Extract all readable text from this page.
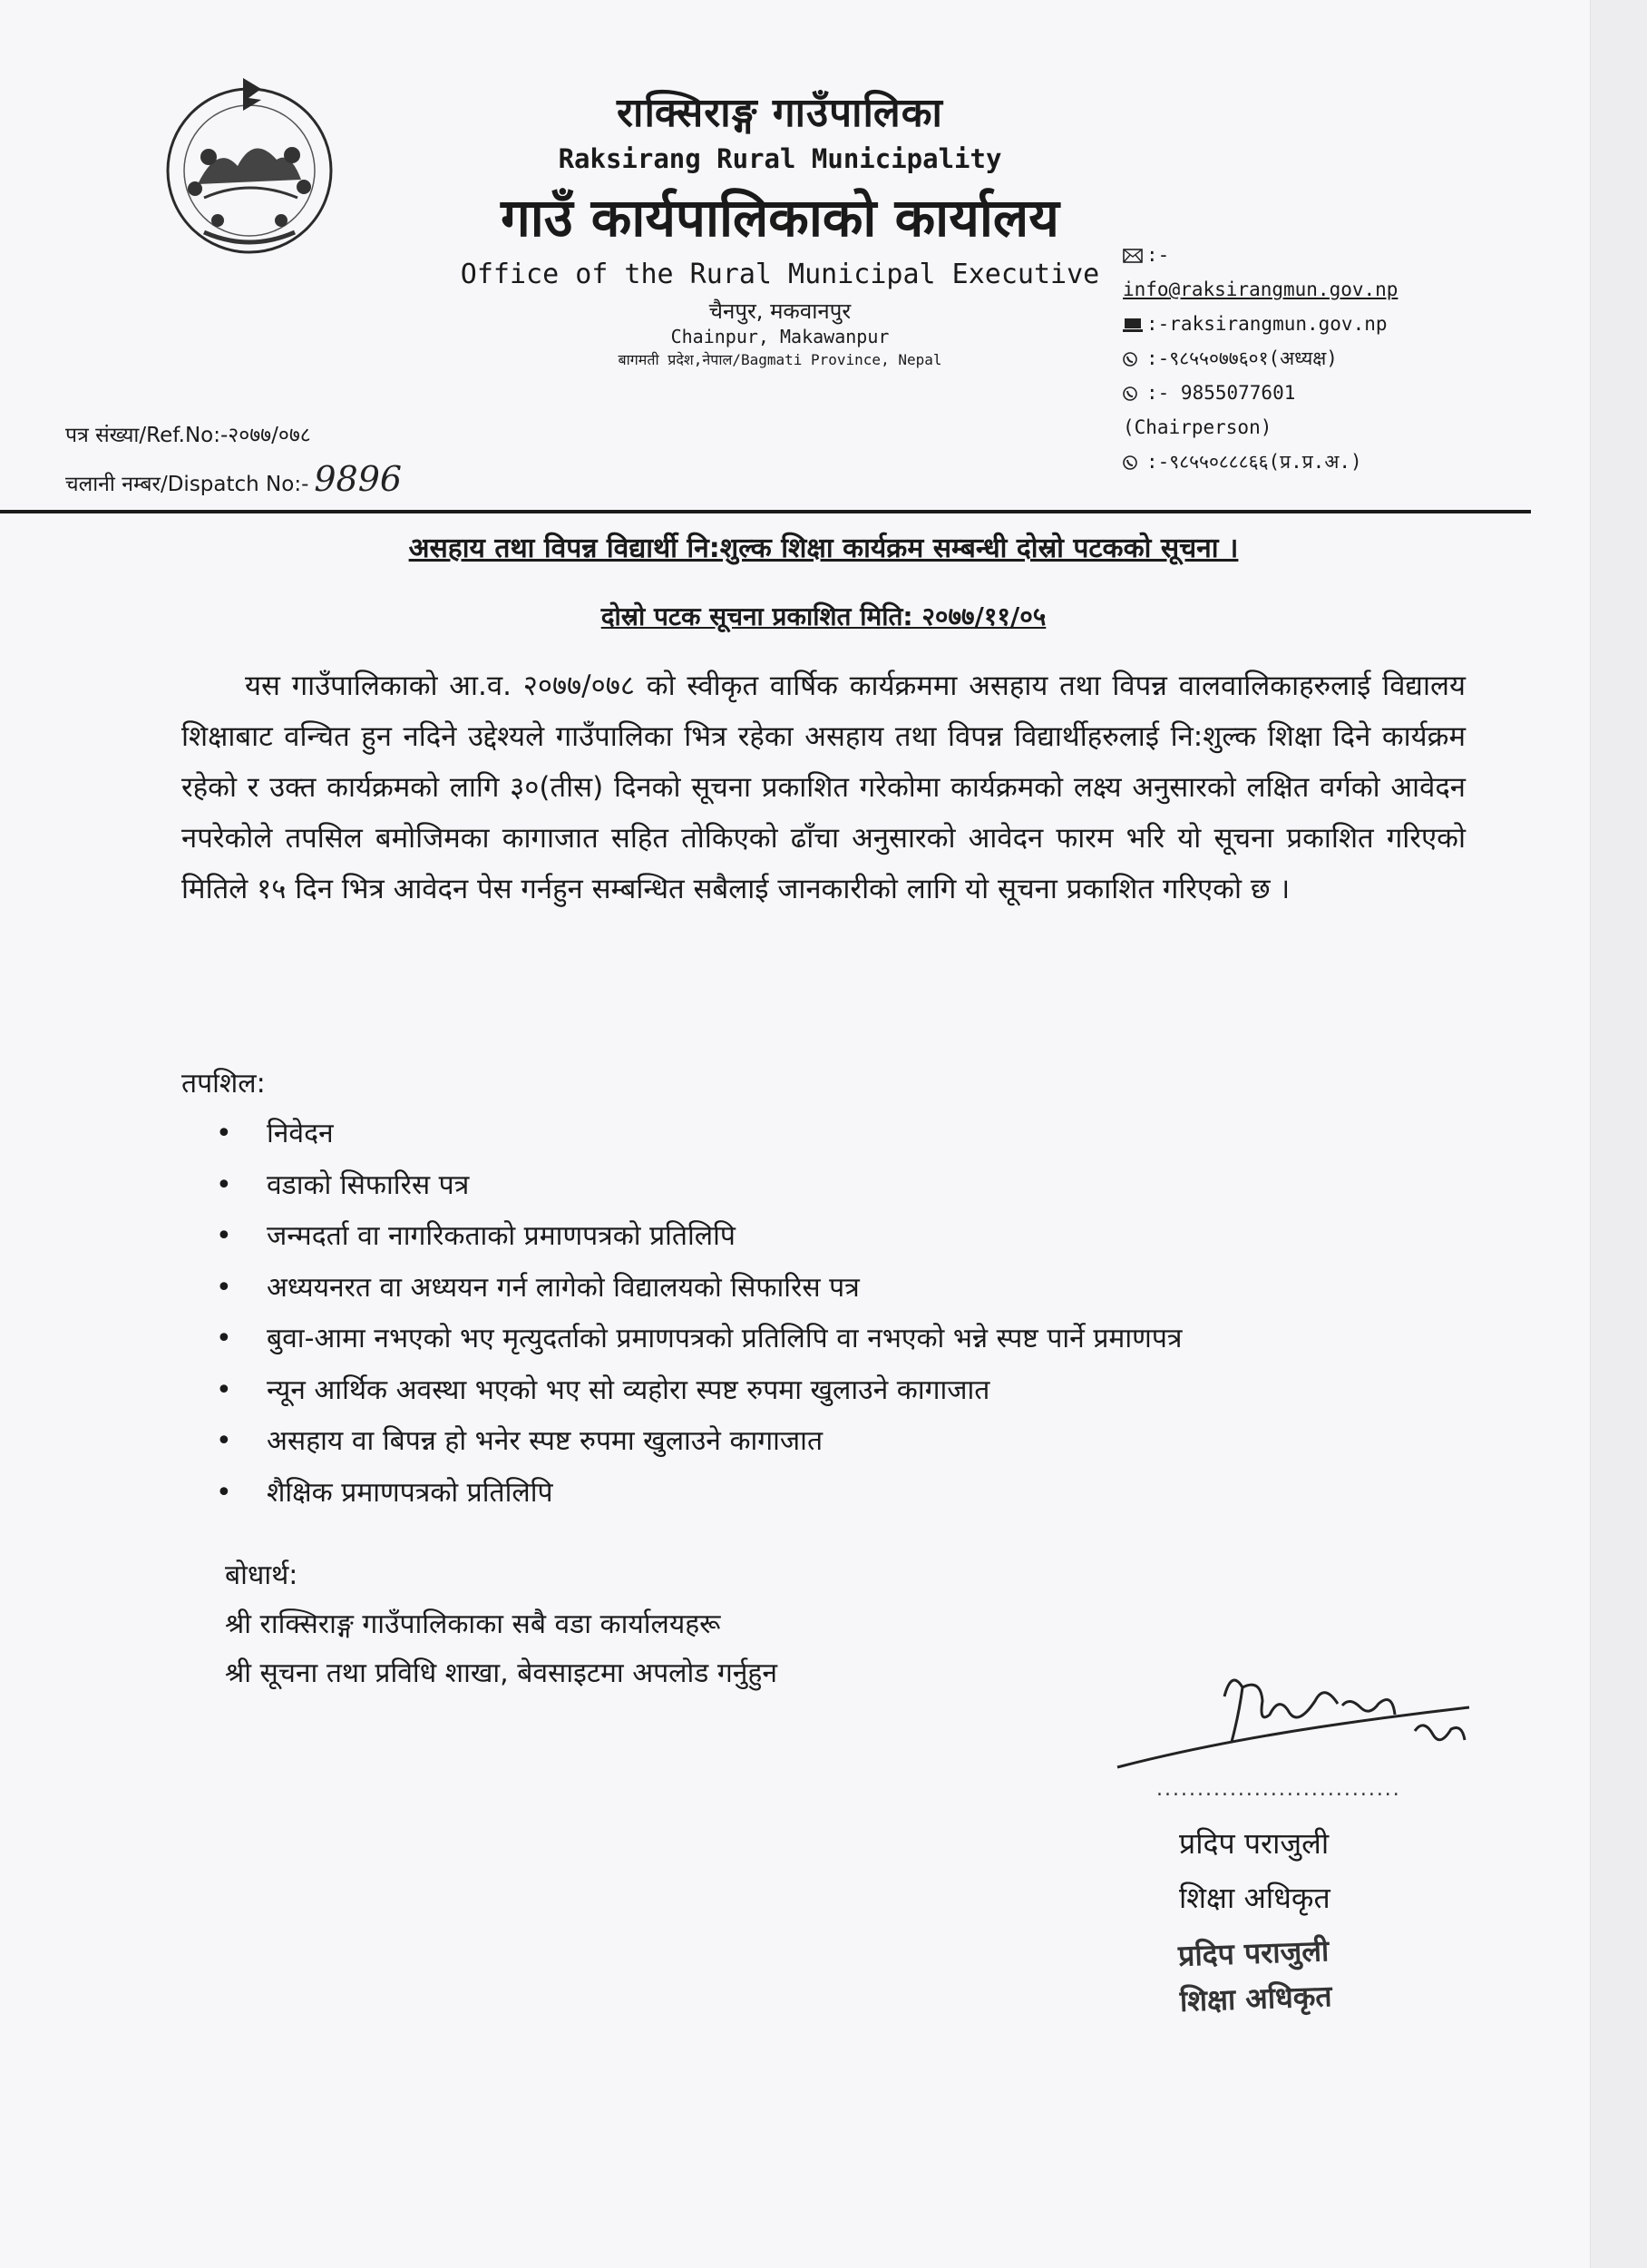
राक्सिराङ्ग गाउँपालिका
Raksirang Rural Municipality
गाउँ कार्यपालिकाको कार्यालय
Office of the Rural Municipal Executive
चैनपुर, मकवानपुर
Chainpur, Makawanpur
बागमती प्रदेश,नेपाल/Bagmati Province, Nepal
:-
info@raksirangmun.gov.np
:-raksirangmun.gov.np
:-९८५५०७७६०१(अध्यक्ष)
:- 9855077601
(Chairperson)
:-९८५५०८८८६६(प्र.प्र.अ.)
पत्र संख्या/Ref.No:-२०७७/०७८
चलानी नम्बर/Dispatch No:- 9896
असहाय तथा विपन्न विद्यार्थी नि:शुल्क शिक्षा कार्यक्रम सम्बन्धी दोस्रो पटकको सूचना ।
दोस्रो पटक सूचना प्रकाशित मिति: २०७७/११/०५
यस गाउँपालिकाको आ.व. २०७७/०७८ को स्वीकृत वार्षिक कार्यक्रममा असहाय तथा विपन्न वालवालिकाहरुलाई विद्यालय शिक्षाबाट वन्चित हुन नदिने उद्देश्यले गाउँपालिका भित्र रहेका असहाय तथा विपन्न विद्यार्थीहरुलाई नि:शुल्क शिक्षा दिने कार्यक्रम रहेको र उक्त कार्यक्रमको लागि ३०(तीस) दिनको सूचना प्रकाशित गरेकोमा कार्यक्रमको लक्ष्य अनुसारको लक्षित वर्गको आवेदन नपरेकोले तपसिल बमोजिमका कागाजात सहित तोकिएको ढाँचा अनुसारको आवेदन फारम भरि यो सूचना प्रकाशित गरिएको मितिले १५ दिन भित्र आवेदन पेस गर्नहुन सम्बन्धित सबैलाई जानकारीको लागि यो सूचना प्रकाशित गरिएको छ ।
तपशिल:
• निवेदन
• वडाको सिफारिस पत्र
• जन्मदर्ता वा नागरिकताको प्रमाणपत्रको प्रतिलिपि
• अध्ययनरत वा अध्ययन गर्न लागेको विद्यालयको सिफारिस पत्र
• बुवा-आमा नभएको भए मृत्युदर्ताको प्रमाणपत्रको प्रतिलिपि वा नभएको भन्ने स्पष्ट पार्ने प्रमाणपत्र
• न्यून आर्थिक अवस्था भएको भए सो व्यहोरा स्पष्ट रुपमा खुलाउने कागाजात
• असहाय वा बिपन्न हो भनेर स्पष्ट रुपमा खुलाउने कागाजात
• शैक्षिक प्रमाणपत्रको प्रतिलिपि
बोधार्थ:
श्री राक्सिराङ्ग गाउँपालिकाका सबै वडा कार्यालयहरू
श्री सूचना तथा प्रविधि शाखा, बेवसाइटमा अपलोड गर्नुहुन
..............................
प्रदिप पराजुली
शिक्षा अधिकृत
प्रदिप पराजुली
शिक्षा अधिकृत
